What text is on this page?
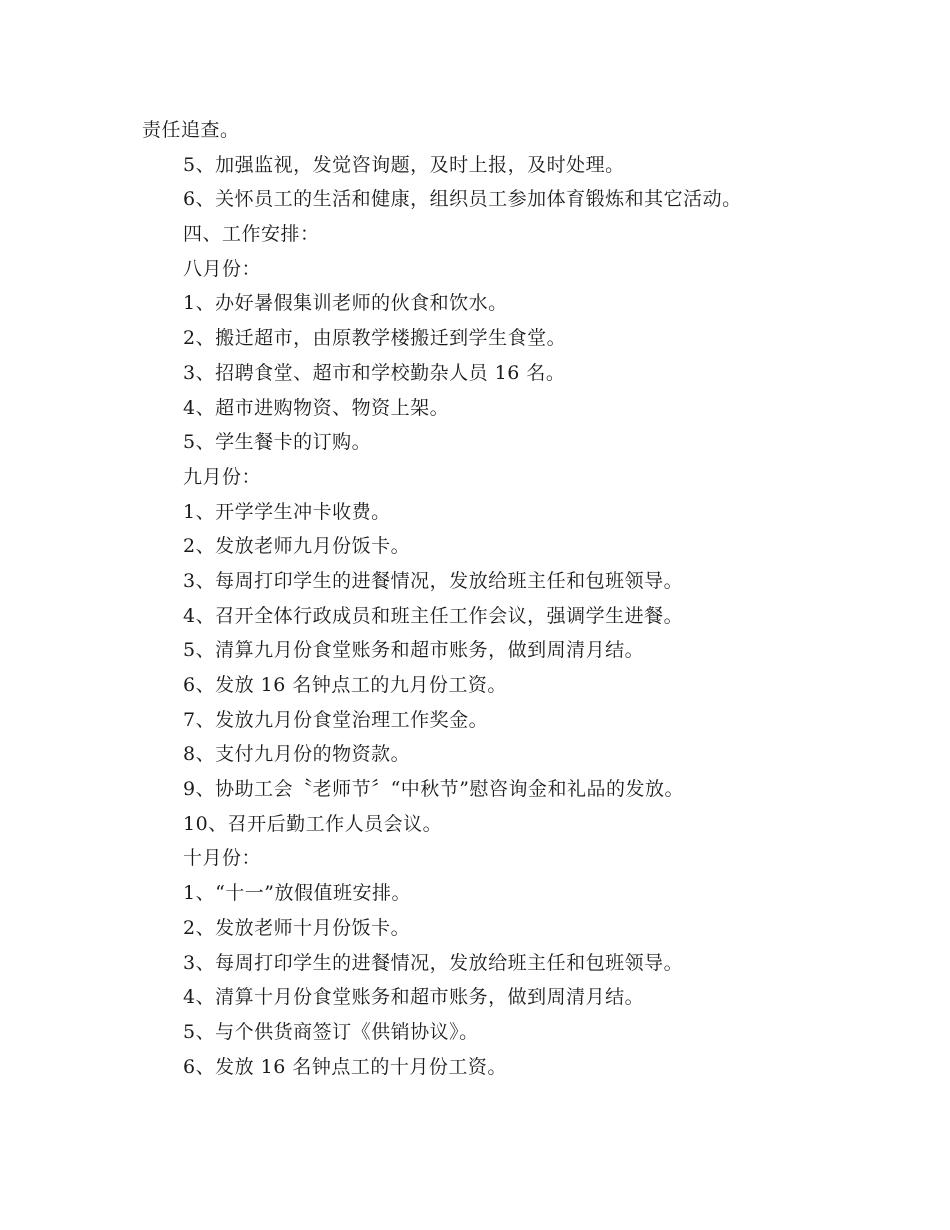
责任追查。
5、加强监视，发觉咨询题，及时上报，及时处理。
6、关怀员工的生活和健康，组织员工参加体育锻炼和其它活动。
四、工作安排：
八月份：
1、办好暑假集训老师的伙食和饮水。
2、搬迁超市，由原教学楼搬迁到学生食堂。
3、招聘食堂、超市和学校勤杂人员 16 名。
4、超市进购物资、物资上架。
5、学生餐卡的订购。
九月份：
1、开学学生冲卡收费。
2、发放老师九月份饭卡。
3、每周打印学生的进餐情况，发放给班主任和包班领导。
4、召开全体行政成员和班主任工作会议，强调学生进餐。
5、清算九月份食堂账务和超市账务，做到周清月结。
6、发放 16 名钟点工的九月份工资。
7、发放九月份食堂治理工作奖金。
8、支付九月份的物资款。
9、协助工会〝老师节〞“中秋节”慰咨询金和礼品的发放。
10、召开后勤工作人员会议。
十月份：
1、“十一”放假值班安排。
2、发放老师十月份饭卡。
3、每周打印学生的进餐情况，发放给班主任和包班领导。
4、清算十月份食堂账务和超市账务，做到周清月结。
5、与个供货商签订《供销协议》。
6、发放 16 名钟点工的十月份工资。
